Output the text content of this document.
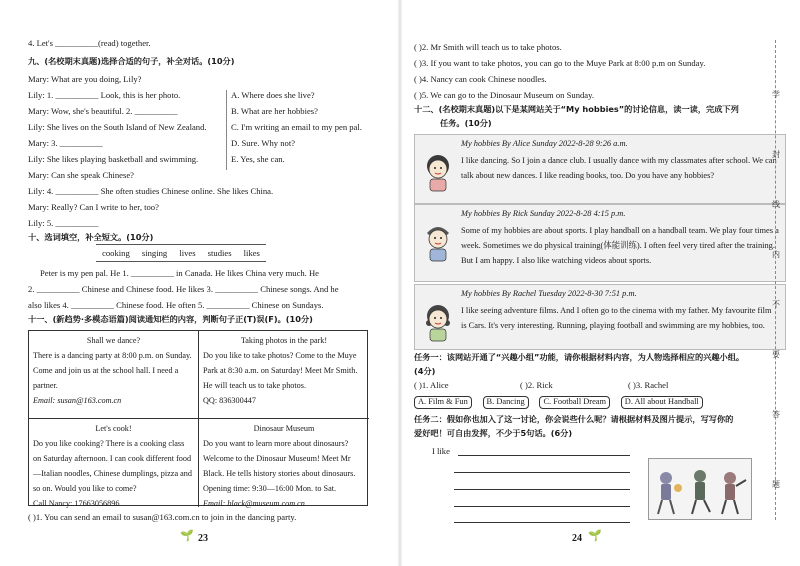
4. Let's __________(read) together.
九、(名校期末真题)选择合适的句子，补全对话。(10分)
Mary: What are you doing, Lily?
Lily: 1. __________ Look, this is her photo.
Mary: Wow, she's beautiful. 2. __________
Lily: She lives on the South Island of New Zealand.
Mary: 3. __________
Lily: She likes playing basketball and swimming.
Mary: Can she speak Chinese?
Lily: 4. __________ She often studies Chinese online. She likes China.
Mary: Really? Can I write to her, too?
Lily: 5. __________
A. Where does she live?
B. What are her hobbies?
C. I'm writing an email to my pen pal.
D. Sure. Why not?
E. Yes, she can.
十、选词填空，补全短文。(10分)
cooking singing lives studies likes
Peter is my pen pal. He 1. __________ in Canada. He likes China very much. He
2. __________ Chinese and Chinese food. He likes 3. __________ Chinese songs. And he
also likes 4. __________ Chinese food. He often 5. __________ Chinese on Sundays.
十一、(新趋势·多模态语篇)阅读通知栏的内容，判断句子正(T)误(F)。(10分)
Shall we dance?
There is a dancing party at 8:00 p.m. on Sunday. Come and join us at the school hall. I need a partner.
Email: susan@163.com.cn
Taking photos in the park!
Do you like to take photos? Come to the Muye Park at 8:30 a.m. on Saturday! Meet Mr Smith. He will teach us to take photos.
QQ: 836300447
Let's cook!
Do you like cooking? There is a cooking class on Saturday afternoon. I can cook different food—Italian noodles, Chinese dumplings, pizza and so on. Would you like to come?
Call Nancy: 17663056896
Dinosaur Museum
Do you want to learn more about dinosaurs? Welcome to the Dinosaur Museum! Meet Mr Black. He tells history stories about dinosaurs. Opening time: 9:30—16:00 Mon. to Sat.
Email: black@museum.com.cn
( )1. You can send an email to susan@163.com.cn to join in the dancing party.
🌱 23
( )2. Mr Smith will teach us to take photos.
( )3. If you want to take photos, you can go to the Muye Park at 8:00 p.m on Sunday.
( )4. Nancy can cook Chinese noodles.
( )5. We can go to the Dinosaur Museum on Sunday.
十二、(名校期末真题)以下是某网站关于“My hobbies”的讨论信息，读一读，完成下列
任务。(10分)
My hobbies By Alice Sunday 2022-8-28 9:26 a.m.
I like dancing. So I join a dance club. I usually dance with my classmates after school. We can talk about new dances. I like reading books, too. Do you have any hobbies?
My hobbies By Rick Sunday 2022-8-28 4:15 p.m.
Some of my hobbies are about sports. I play handball on a handball team. We play four times a week. Sometimes we do physical training(体能训练). I often feel very tired after the training. But I am happy. I also like watching videos about sports.
My hobbies By Rachel Tuesday 2022-8-30 7:51 p.m.
I like seeing adventure films. And I often go to the cinema with my father. My favourite film is Cars. It's very interesting. Running, playing football and swimming are my hobbies, too.
任务一：该网站开通了“兴趣小组”功能，请你根据材料内容，为人物选择相应的兴趣小组。
(4分)
( )1. Alice	( )2. Rick	( )3. Rachel
A. Film & Fun B. Dancing C. Football Dream D. All about Handball
任务二：假如你也加入了这一讨论，你会说些什么呢？请根据材料及图片提示，写写你的
爱好吧！可自由发挥，不少于5句话。(6分)
I like
🌱
24
学
封
线
内
不
要
答
题
